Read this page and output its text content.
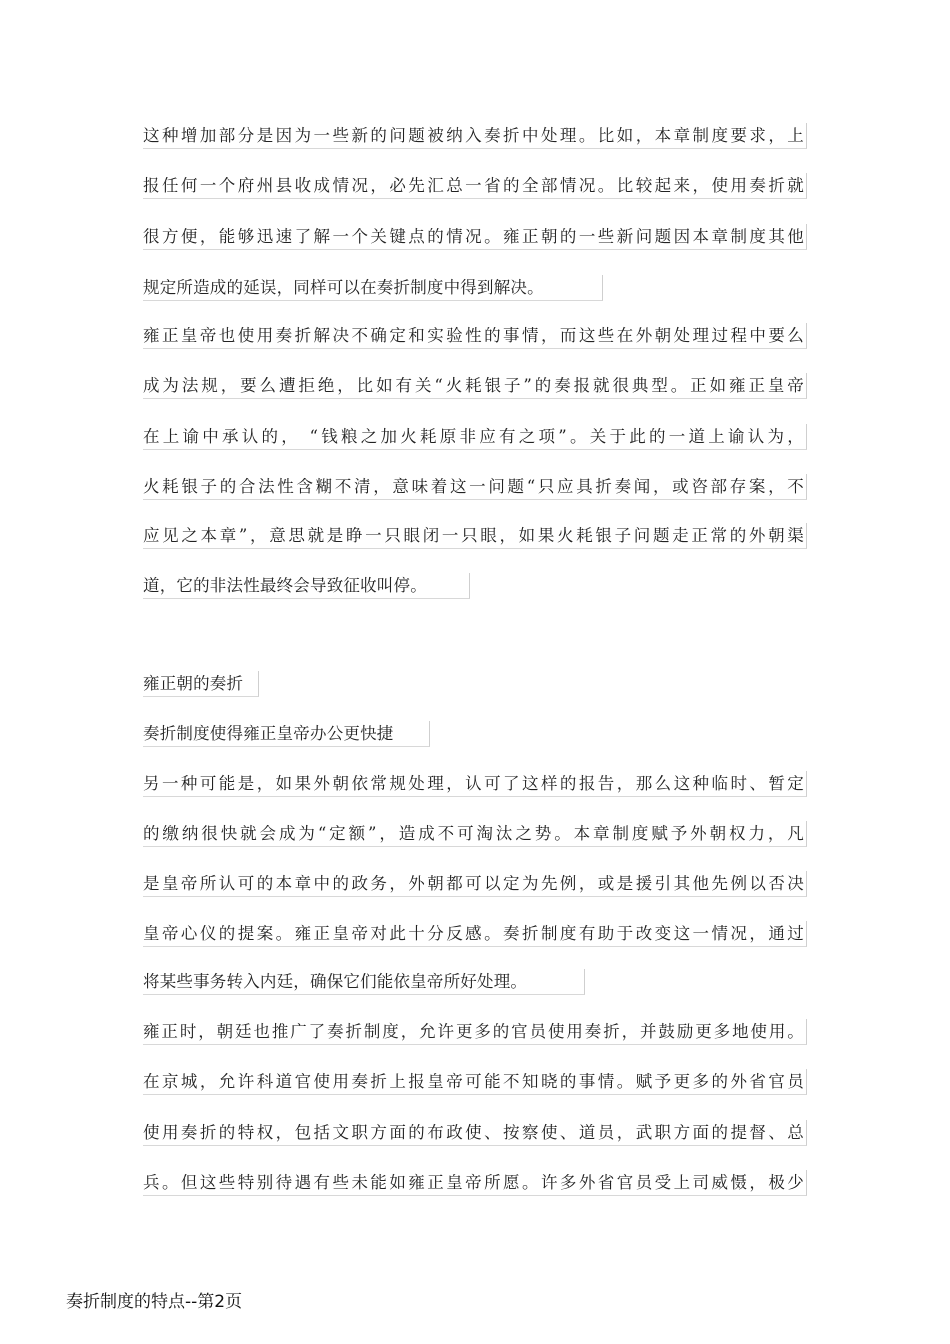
这种增加部分是因为一些新的问题被纳入奏折中处理。比如，本章制度要求，上
报任何一个府州县收成情况，必先汇总一省的全部情况。比较起来，使用奏折就
很方便，能够迅速了解一个关键点的情况。雍正朝的一些新问题因本章制度其他
规定所造成的延误，同样可以在奏折制度中得到解决。
雍正皇帝也使用奏折解决不确定和实验性的事情，而这些在外朝处理过程中要么
成为法规，要么遭拒绝，比如有关“火耗银子”的奏报就很典型。正如雍正皇帝
在上谕中承认的， “钱粮之加火耗原非应有之项”。关于此的一道上谕认为，
火耗银子的合法性含糊不清，意味着这一问题“只应具折奏闻，或咨部存案，不
应见之本章”，意思就是睁一只眼闭一只眼，如果火耗银子问题走正常的外朝渠
道，它的非法性最终会导致征收叫停。
雍正朝的奏折
奏折制度使得雍正皇帝办公更快捷
另一种可能是，如果外朝依常规处理，认可了这样的报告，那么这种临时、暂定
的缴纳很快就会成为“定额”，造成不可淘汰之势。本章制度赋予外朝权力，凡
是皇帝所认可的本章中的政务，外朝都可以定为先例，或是援引其他先例以否决
皇帝心仪的提案。雍正皇帝对此十分反感。奏折制度有助于改变这一情况，通过
将某些事务转入内廷，确保它们能依皇帝所好处理。
雍正时，朝廷也推广了奏折制度，允许更多的官员使用奏折，并鼓励更多地使用。
在京城，允许科道官使用奏折上报皇帝可能不知晓的事情。赋予更多的外省官员
使用奏折的特权，包括文职方面的布政使、按察使、道员，武职方面的提督、总
兵。但这些特别待遇有些未能如雍正皇帝所愿。许多外省官员受上司威慑，极少
奏折制度的特点--第2页
